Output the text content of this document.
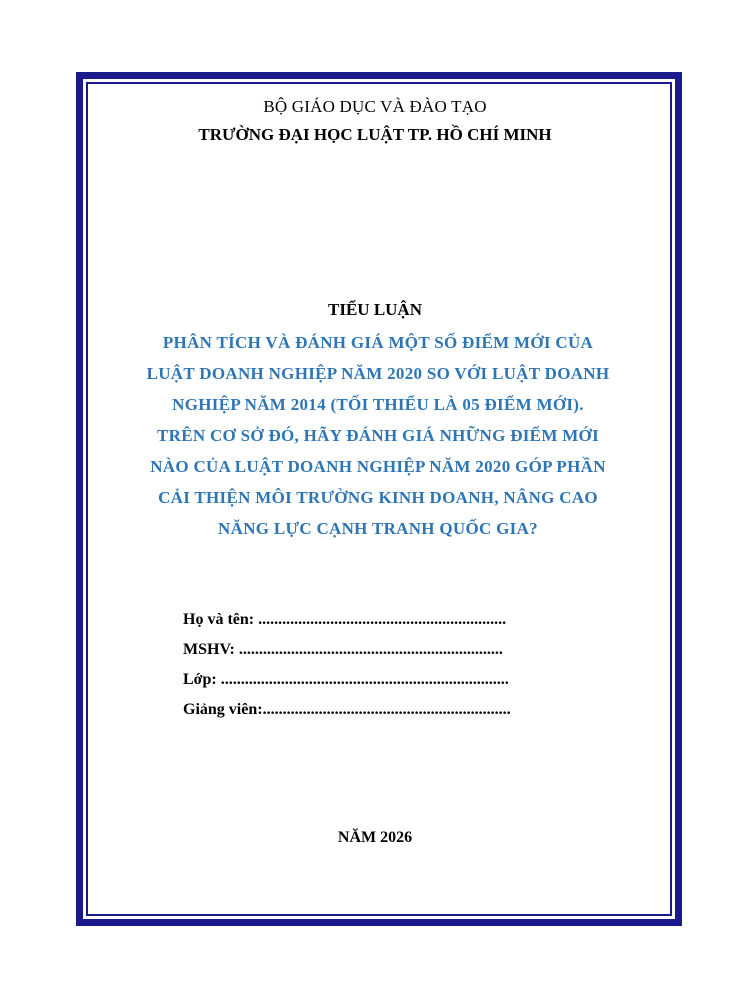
BỘ GIÁO DỤC VÀ ĐÀO TẠO
TRƯỜNG ĐẠI HỌC LUẬT TP. HỒ CHÍ MINH
TIỂU LUẬN
PHÂN TÍCH VÀ ĐÁNH GIÁ MỘT SỐ ĐIỂM MỚI CỦA
LUẬT DOANH NGHIỆP NĂM 2020 SO VỚI LUẬT DOANH
NGHIỆP NĂM 2014 (TỐI THIỂU LÀ 05 ĐIỂM MỚI).
TRÊN CƠ SỞ ĐÓ, HÃY ĐÁNH GIÁ NHỮNG ĐIỂM MỚI
NÀO CỦA LUẬT DOANH NGHIỆP NĂM 2020 GÓP PHẦN
CẢI THIỆN MÔI TRƯỜNG KINH DOANH, NÂNG CAO
NĂNG LỰC CẠNH TRANH QUỐC GIA?
Họ và tên: ..............................................................
MSHV: ..................................................................
Lớp: ........................................................................
Giảng viên:..............................................................
NĂM 2026
